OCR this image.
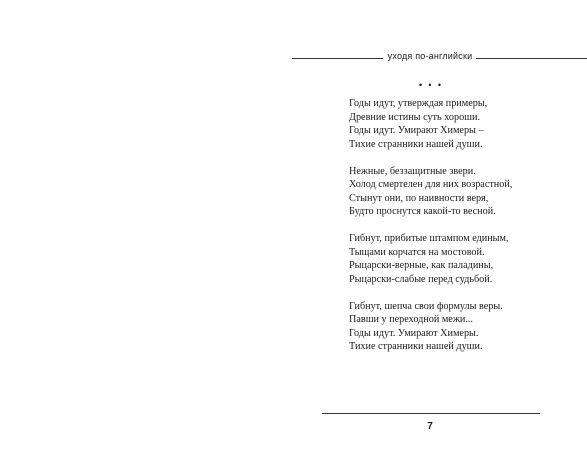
уходя по-английски
• • •
Годы идут, утверждая примеры,
Древние истины суть хороши.
Годы идут. Умирают Химеры –
Тихие странники нашей души.
Нежные, беззащитные звери.
Холод смертелен для них возрастной,
Стынут они, по наивности веря,
Будто проснутся какой-то весной.
Гибнут, прибитые штампом единым,
Тыщами корчатся на мостовой.
Рыцарски-верные, как паладины,
Рыцарски-слабые перед судьбой.
Гибнут, шепча свои формулы веры.
Павши у переходной межи...
Годы идут. Умирают Химеры.
Тихие странники нашей души.
7
